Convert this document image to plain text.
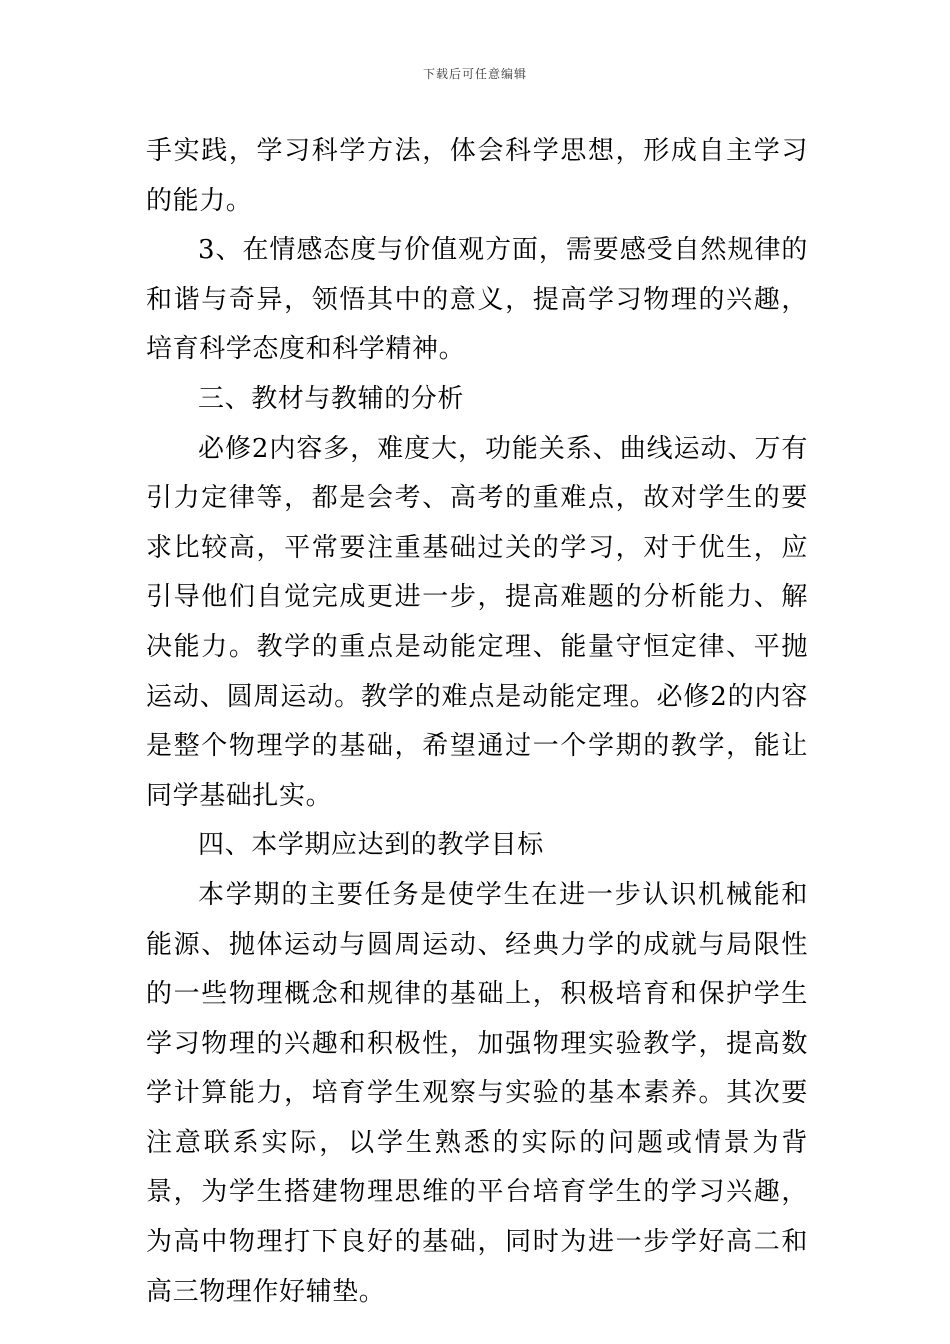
下载后可任意编辑

手实践，学习科学方法，体会科学思想，形成自主学习的能力。

3、在情感态度与价值观方面，需要感受自然规律的和谐与奇异，领悟其中的意义，提高学习物理的兴趣，培育科学态度和科学精神。

三、教材与教辅的分析

必修2内容多，难度大，功能关系、曲线运动、万有引力定律等，都是会考、高考的重难点，故对学生的要求比较高，平常要注重基础过关的学习，对于优生，应引导他们自觉完成更进一步，提高难题的分析能力、解决能力。教学的重点是动能定理、能量守恒定律、平抛运动、圆周运动。教学的难点是动能定理。必修2的内容是整个物理学的基础，希望通过一个学期的教学，能让同学基础扎实。

四、本学期应达到的教学目标

本学期的主要任务是使学生在进一步认识机械能和能源、抛体运动与圆周运动、经典力学的成就与局限性的一些物理概念和规律的基础上，积极培育和保护学生学习物理的兴趣和积极性，加强物理实验教学，提高数学计算能力，培育学生观察与实验的基本素养。其次要注意联系实际，以学生熟悉的实际的问题或情景为背景，为学生搭建物理思维的平台培育学生的学习兴趣，为高中物理打下良好的基础，同时为进一步学好高二和高三物理作好辅垫。
